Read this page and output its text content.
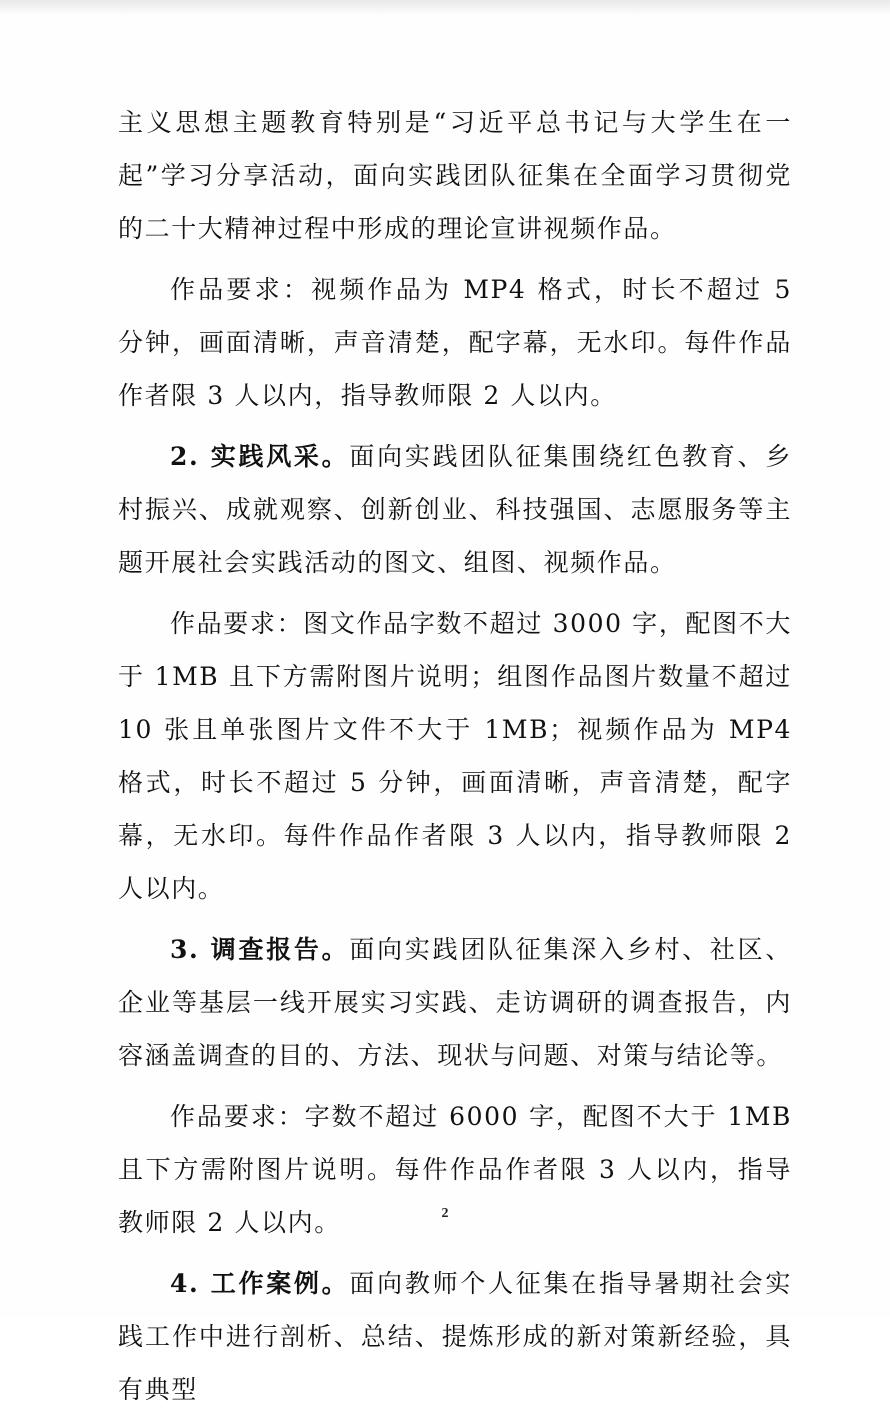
主义思想主题教育特别是“习近平总书记与大学生在一起”学习分享活动，面向实践团队征集在全面学习贯彻党的二十大精神过程中形成的理论宣讲视频作品。

作品要求：视频作品为 MP4 格式，时长不超过 5 分钟，画面清晰，声音清楚，配字幕，无水印。每件作品作者限 3 人以内，指导教师限 2 人以内。

2. 实践风采。面向实践团队征集围绕红色教育、乡村振兴、成就观察、创新创业、科技强国、志愿服务等主题开展社会实践活动的图文、组图、视频作品。

作品要求：图文作品字数不超过 3000 字，配图不大于 1MB 且下方需附图片说明；组图作品图片数量不超过 10 张且单张图片文件不大于 1MB；视频作品为 MP4 格式，时长不超过 5 分钟，画面清晰，声音清楚，配字幕，无水印。每件作品作者限 3 人以内，指导教师限 2 人以内。

3. 调查报告。面向实践团队征集深入乡村、社区、企业等基层一线开展实习实践、走访调研的调查报告，内容涵盖调查的目的、方法、现状与问题、对策与结论等。

作品要求：字数不超过 6000 字，配图不大于 1MB 且下方需附图片说明。每件作品作者限 3 人以内，指导教师限 2 人以内。

4. 工作案例。面向教师个人征集在指导暑期社会实践工作中进行剖析、总结、提炼形成的新对策新经验，具有典型

2
